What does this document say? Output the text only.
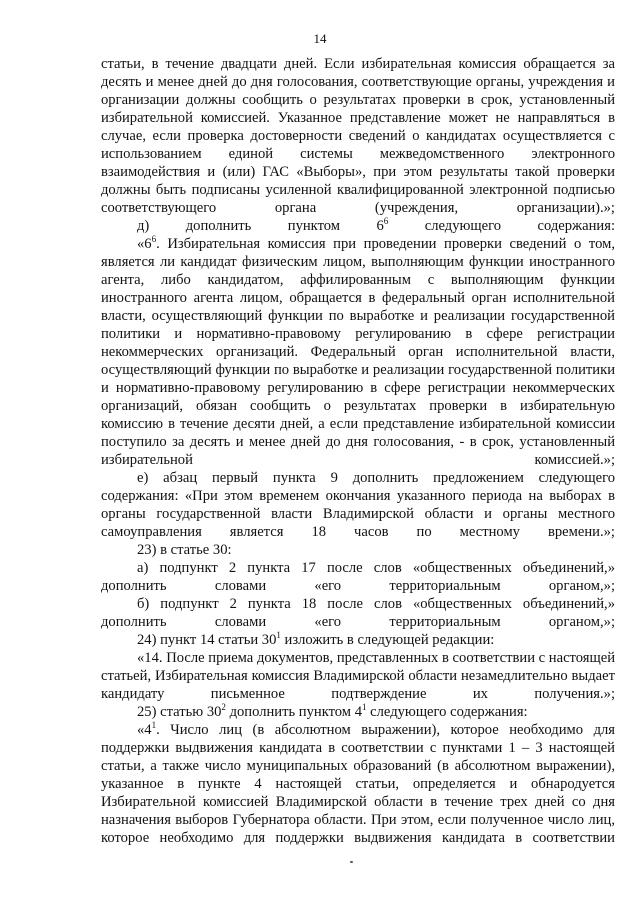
14

статьи, в течение двадцати дней. Если избирательная комиссия обращается за десять и менее дней до дня голосования, соответствующие органы, учреждения и организации должны сообщить о результатах проверки в срок, установленный избирательной комиссией. Указанное представление может не направляться в случае, если проверка достоверности сведений о кандидатах осуществляется с использованием единой системы межведомственного электронного взаимодействия и (или) ГАС «Выборы», при этом результаты такой проверки должны быть подписаны усиленной квалифицированной электронной подписью соответствующего органа (учреждения, организации).»;

д) дополнить пунктом $6^6$ следующего содержания:

«$6^6$. Избирательная комиссия при проведении проверки сведений о том, является ли кандидат физическим лицом, выполняющим функции иностранного агента, либо кандидатом, аффилированным с выполняющим функции иностранного агента лицом, обращается в федеральный орган исполнительной власти, осуществляющий функции по выработке и реализации государственной политики и нормативно-правовому регулированию в сфере регистрации некоммерческих организаций. Федеральный орган исполнительной власти, осуществляющий функции по выработке и реализации государственной политики и нормативно-правовому регулированию в сфере регистрации некоммерческих организаций, обязан сообщить о результатах проверки в избирательную комиссию в течение десяти дней, а если представление избирательной комиссии поступило за десять и менее дней до дня голосования, - в срок, установленный избирательной комиссией.»;

е) абзац первый пункта 9 дополнить предложением следующего содержания: «При этом временем окончания указанного периода на выборах в органы государственной власти Владимирской области и органы местного самоуправления является 18 часов по местному времени.»;

23) в статье 30:

а) подпункт 2 пункта 17 после слов «общественных объединений,» дополнить словами «его территориальным органом,»;

б) подпункт 2 пункта 18 после слов «общественных объединений,» дополнить словами «его территориальным органом,»;

24) пункт 14 статьи $30^1$ изложить в следующей редакции:

«14. После приема документов, представленных в соответствии с настоящей статьей, Избирательная комиссия Владимирской области незамедлительно выдает кандидату письменное подтверждение их получения.»;

25) статью $30^2$ дополнить пунктом $4^1$ следующего содержания:

«$4^1$. Число лиц (в абсолютном выражении), которое необходимо для поддержки выдвижения кандидата в соответствии с пунктами 1 – 3 настоящей статьи, а также число муниципальных образований (в абсолютном выражении), указанное в пункте 4 настоящей статьи, определяется и обнародуется Избирательной комиссией Владимирской области в течение трех дней со дня назначения выборов Губернатора области. При этом, если полученное число лиц, которое необходимо для поддержки выдвижения кандидата в соответствии
